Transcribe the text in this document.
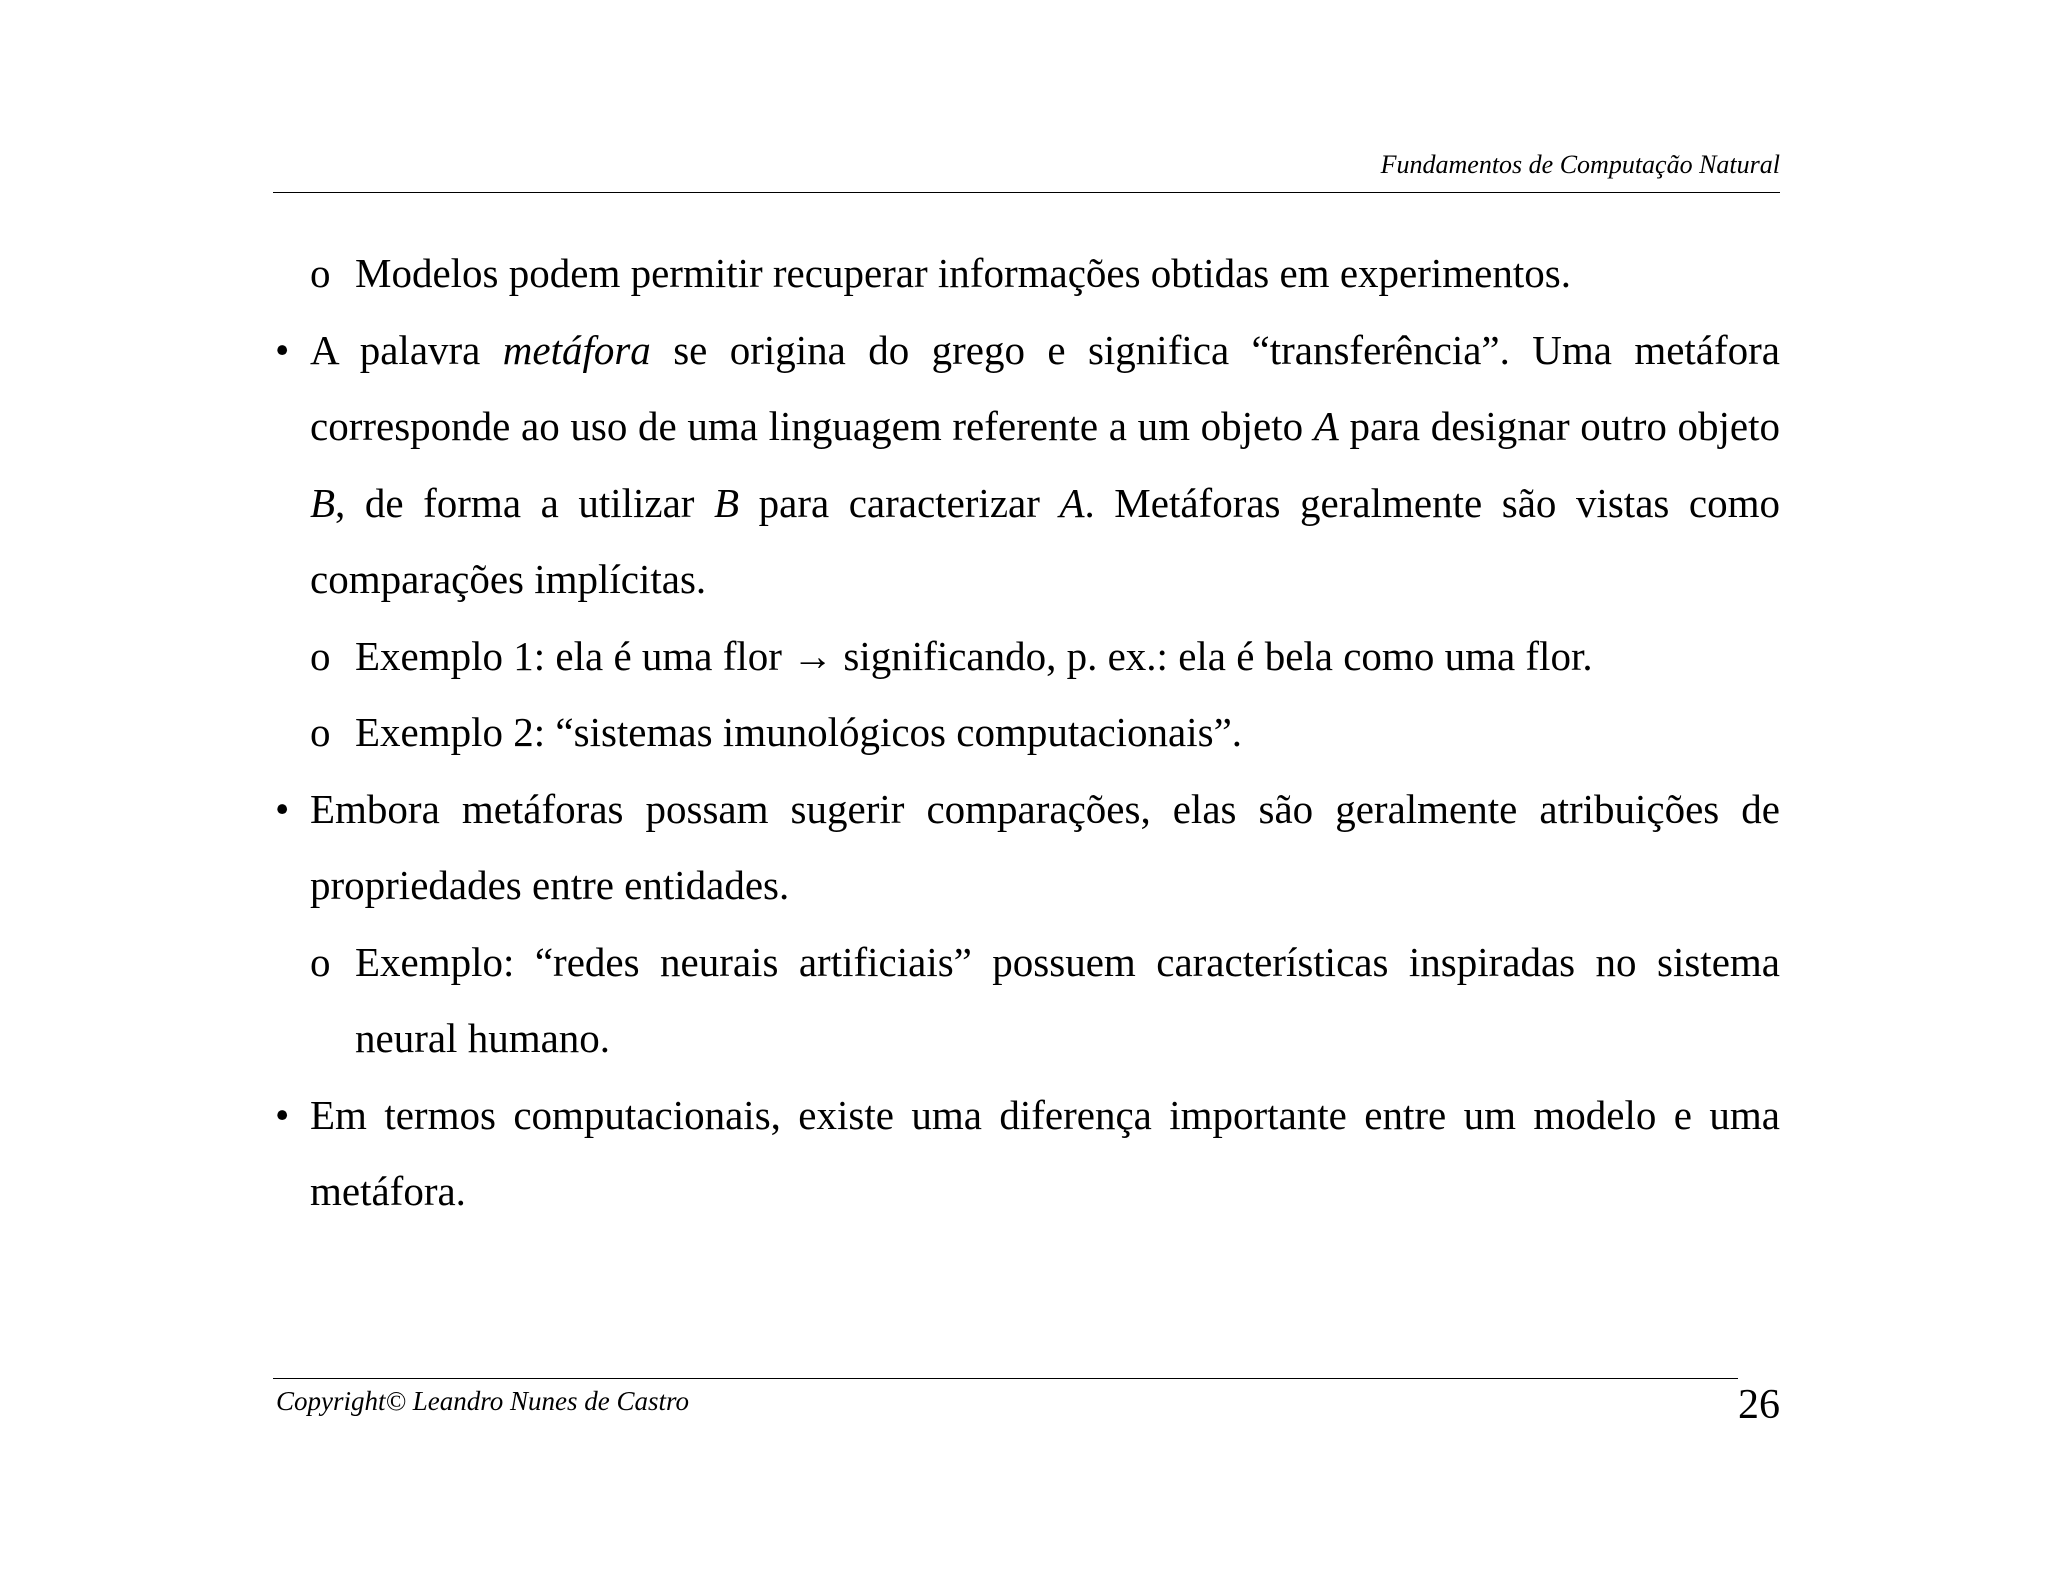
Fundamentos de Computação Natural
o Modelos podem permitir recuperar informações obtidas em experimentos.
• A palavra metáfora se origina do grego e significa “transferência”. Uma metáfora corresponde ao uso de uma linguagem referente a um objeto A para designar outro objeto B, de forma a utilizar B para caracterizar A. Metáforas geralmente são vistas como comparações implícitas.
o Exemplo 1: ela é uma flor → significando, p. ex.: ela é bela como uma flor.
o Exemplo 2: “sistemas imunológicos computacionais”.
• Embora metáforas possam sugerir comparações, elas são geralmente atribuições de propriedades entre entidades.
o Exemplo: “redes neurais artificiais” possuem características inspiradas no sistema neural humano.
• Em termos computacionais, existe uma diferença importante entre um modelo e uma metáfora.
Copyright© Leandro Nunes de Castro	26
